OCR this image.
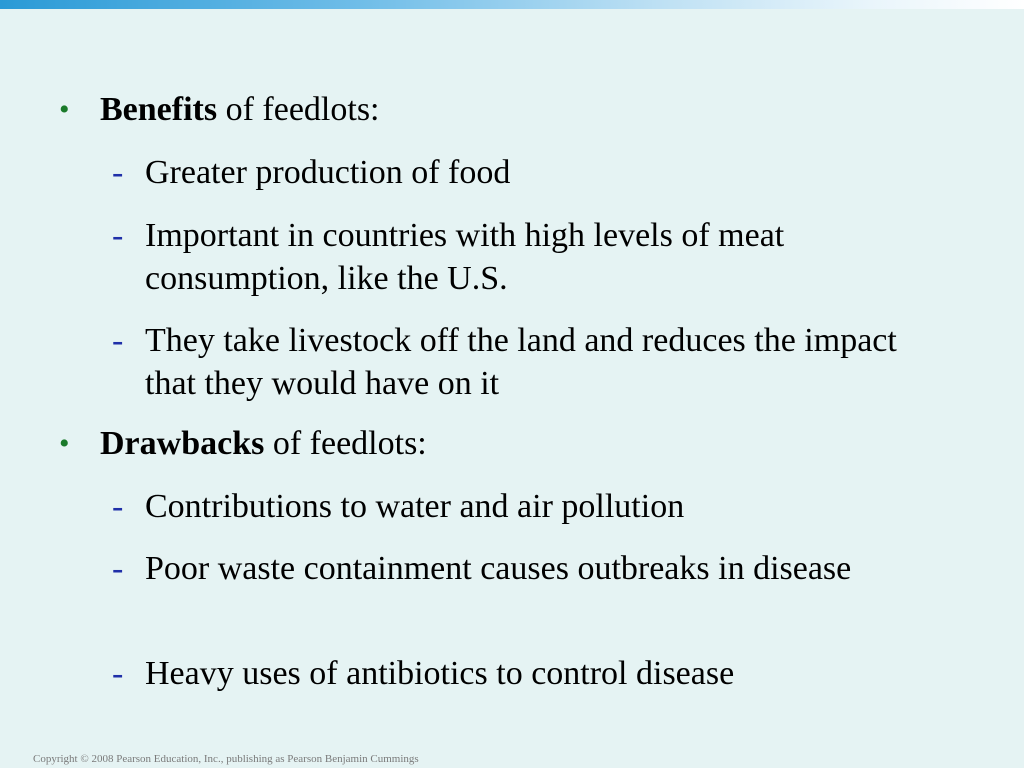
• Benefits of feedlots:
- Greater production of food
- Important in countries with high levels of meat consumption, like the U.S.
- They take livestock off the land and reduces the impact that they would have on it
• Drawbacks of feedlots:
- Contributions to water and air pollution
- Poor waste containment causes outbreaks in disease
- Heavy uses of antibiotics to control disease
Copyright © 2008 Pearson Education, Inc., publishing as Pearson Benjamin Cummings
